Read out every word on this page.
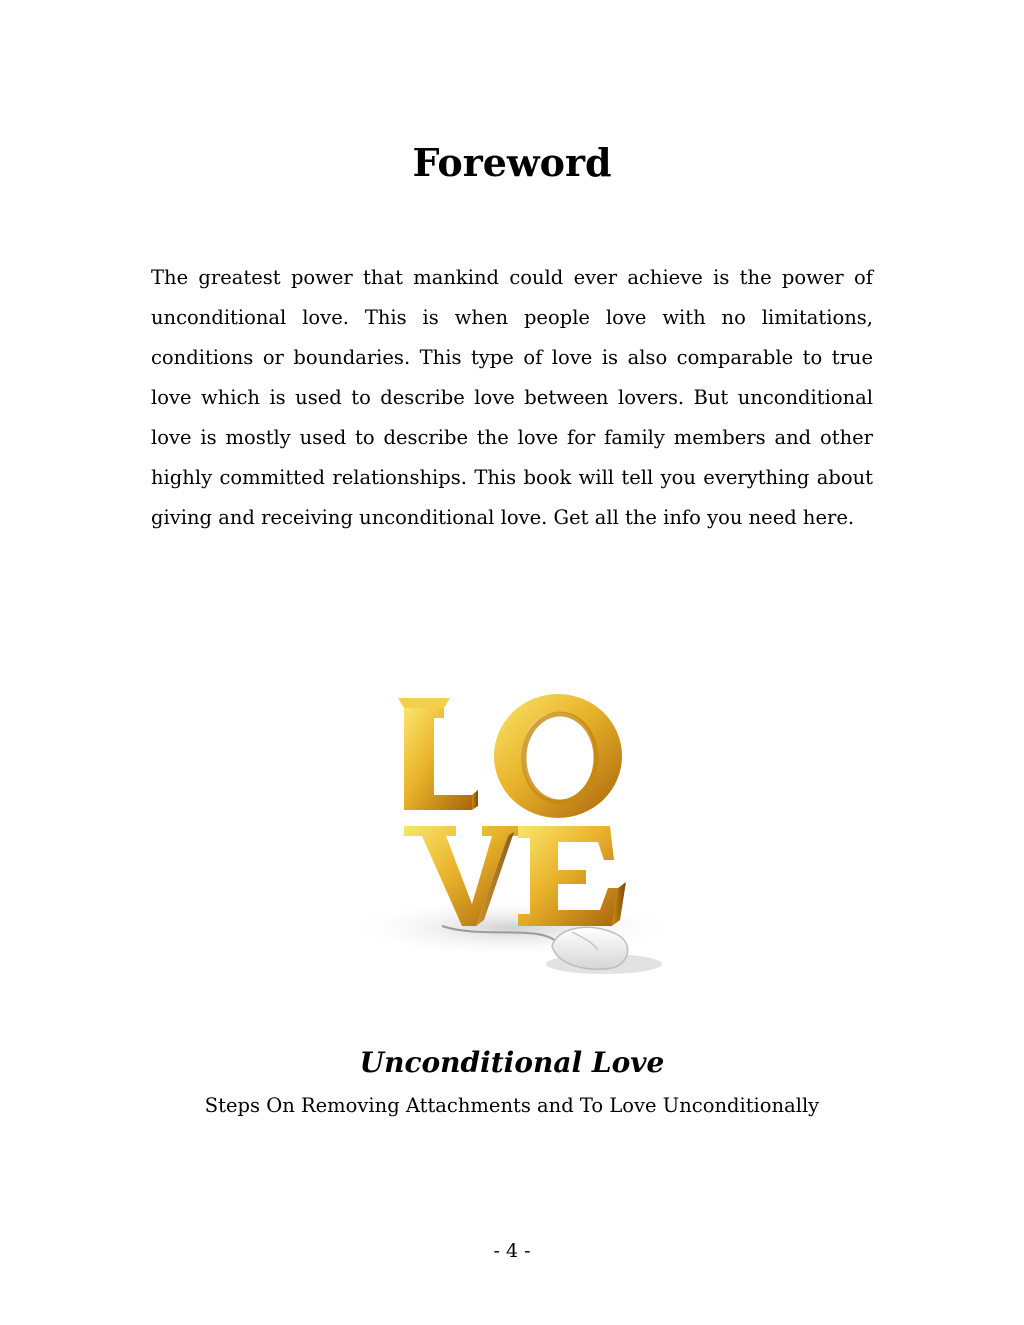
Foreword

The greatest power that mankind could ever achieve is the power of unconditional love. This is when people love with no limitations, conditions or boundaries. This type of love is also comparable to true love which is used to describe love between lovers. But unconditional love is mostly used to describe the love for family members and other highly committed relationships. This book will tell you everything about giving and receiving unconditional love. Get all the info you need here.

Unconditional Love
Steps On Removing Attachments and To Love Unconditionally
- 4 -
